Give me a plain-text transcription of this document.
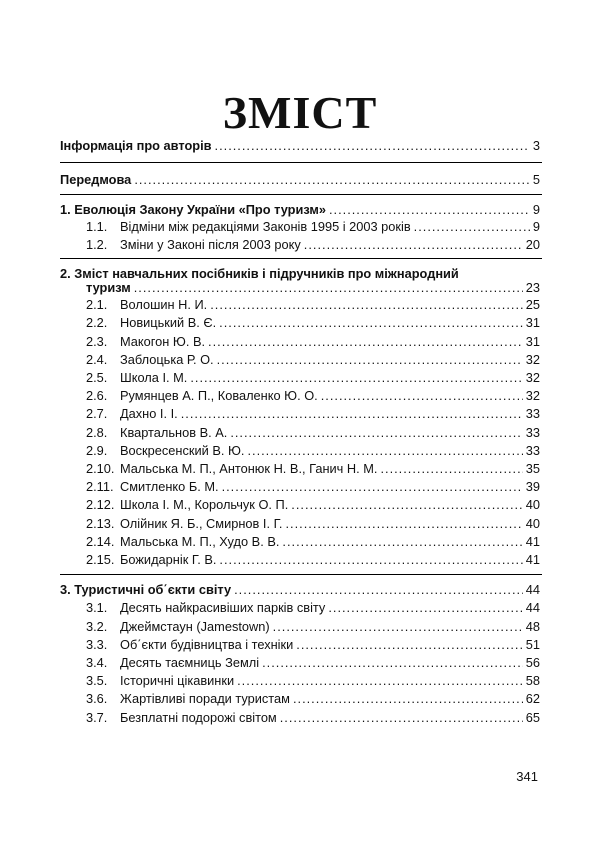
ЗМІСТ
Інформація про авторів .....	3
Передмова .....	5
1. Еволюція Закону України «Про туризм» .....	9
1.1. Відміни між редакціями Законів 1995 і 2003 років .....	9
1.2. Зміни у Законі після 2003 року .....	20
2. Зміст навчальних посібників і підручників про міжнародний
туризм .....	23
2.1. Волошин Н. И. .....	25
2.2. Новицький В. Є. .....	31
2.3. Макогон Ю. В. .....	31
2.4. Заблоцька Р. О. .....	32
2.5. Школа І. М. .....	32
2.6. Румянцев А. П., Коваленко Ю. О. .....	32
2.7. Дахно І. І. .....	33
2.8. Квартальнов В. А. .....	33
2.9. Воскресенский В. Ю. .....	33
2.10. Мальська М. П., Антонюк Н. В., Ганич Н. М. .....	35
2.11. Смитленко Б. М. .....	39
2.12. Школа І. М., Корольчук О. П. .....	40
2.13. Олійник Я. Б., Смирнов І. Г. .....	40
2.14. Мальська М. П., Худо В. В. .....	41
2.15. Божидарнік Г. В. .....	41
3. Туристичні об΄єкти світу .....	44
3.1. Десять найкрасивіших парків світу .....	44
3.2. Джеймстаун (Jamestown) .....	48
3.3. Об΄єкти будівництва і техніки .....	51
3.4. Десять таємниць Землі .....	56
3.5. Історичні цікавинки .....	58
3.6. Жартівливі поради туристам .....	62
3.7. Безплатні подорожі світом .....	65
341
